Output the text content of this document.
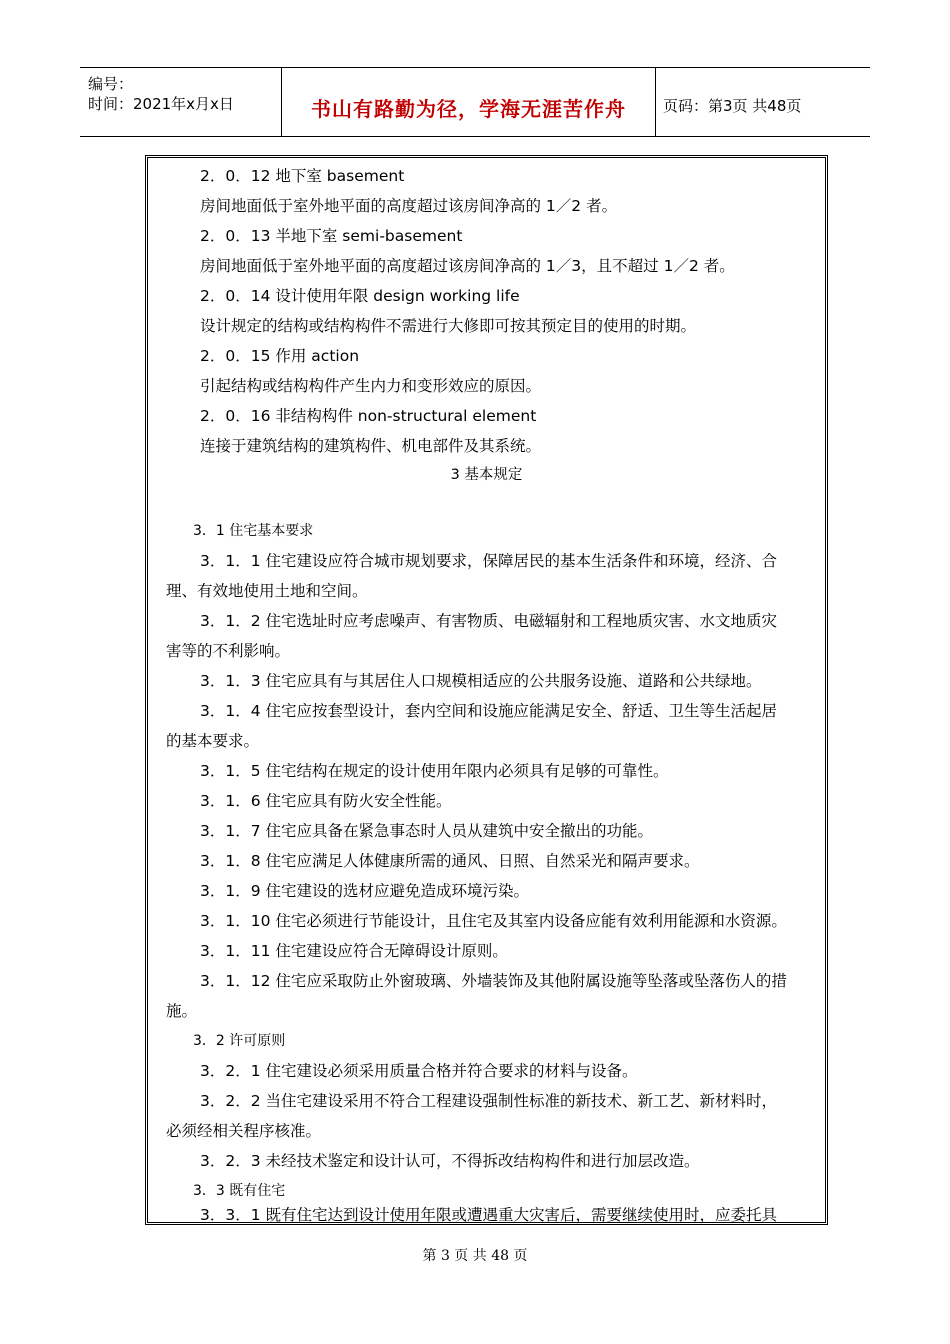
编号：
时间：2021年x月x日	书山有路勤为径，学海无涯苦作舟	页码：第3页 共48页
2．0．12 地下室 basement
房间地面低于室外地平面的高度超过该房间净高的 1／2 者。
2．0．13 半地下室 semi-basement
房间地面低于室外地平面的高度超过该房间净高的 1／3，且不超过 1／2 者。
2．0．14 设计使用年限 design working life
设计规定的结构或结构构件不需进行大修即可按其预定目的使用的时期。
2．0．15 作用 action
引起结构或结构构件产生内力和变形效应的原因。
2．0．16 非结构构件 non-structural element
连接于建筑结构的建筑构件、机电部件及其系统。
3 基本规定
3．1 住宅基本要求
3．1．1 住宅建设应符合城市规划要求，保障居民的基本生活条件和环境，经济、合
理、有效地使用土地和空间。
3．1．2 住宅选址时应考虑噪声、有害物质、电磁辐射和工程地质灾害、水文地质灾
害等的不利影响。
3．1．3 住宅应具有与其居住人口规模相适应的公共服务设施、道路和公共绿地。
3．1．4 住宅应按套型设计，套内空间和设施应能满足安全、舒适、卫生等生活起居
的基本要求。
3．1．5 住宅结构在规定的设计使用年限内必须具有足够的可靠性。
3．1．6 住宅应具有防火安全性能。
3．1．7 住宅应具备在紧急事态时人员从建筑中安全撤出的功能。
3．1．8 住宅应满足人体健康所需的通风、日照、自然采光和隔声要求。
3．1．9 住宅建设的选材应避免造成环境污染。
3．1．10 住宅必须进行节能设计，且住宅及其室内设备应能有效利用能源和水资源。
3．1．11 住宅建设应符合无障碍设计原则。
3．1．12 住宅应采取防止外窗玻璃、外墙装饰及其他附属设施等坠落或坠落伤人的措
施。
3．2 许可原则
3．2．1 住宅建设必须采用质量合格并符合要求的材料与设备。
3．2．2 当住宅建设采用不符合工程建设强制性标准的新技术、新工艺、新材料时，
必须经相关程序核准。
3．2．3 未经技术鉴定和设计认可，不得拆改结构构件和进行加层改造。
3．3 既有住宅
3．3．1 既有住宅达到设计使用年限或遭遇重大灾害后，需要继续使用时，应委托具
第 3 页 共 48 页
